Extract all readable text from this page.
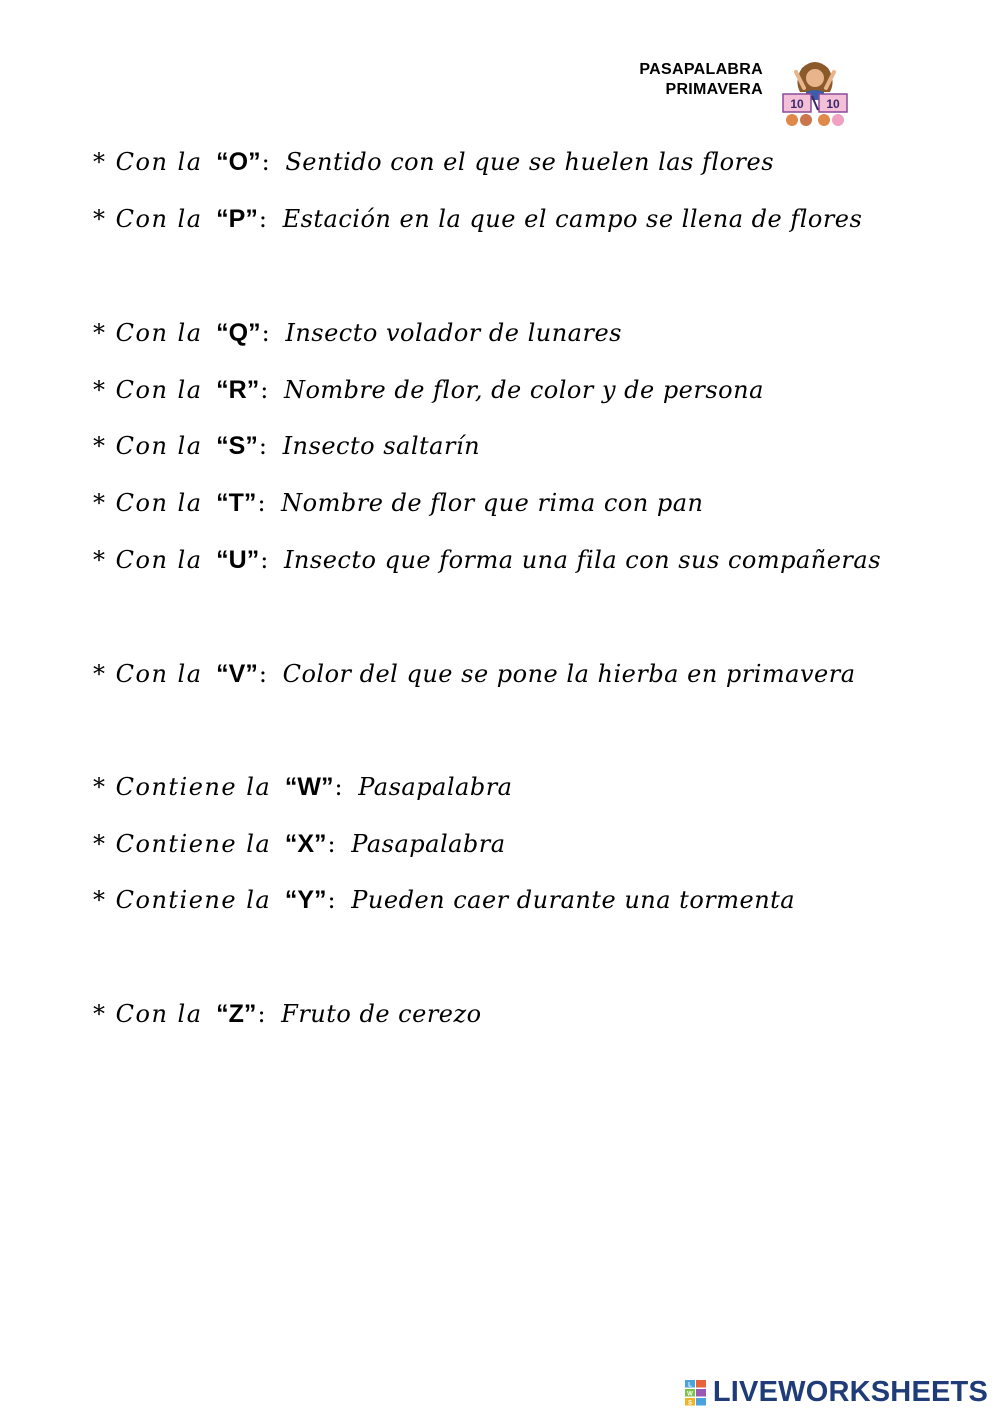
PASAPALABRA
PRIMAVERA
10 10
* Con la “O”: Sentido con el que se huelen las flores
* Con la “P”: Estación en la que el campo se llena de flores
* Con la “Q”: Insecto volador de lunares
* Con la “R”: Nombre de flor, de color y de persona
* Con la “S”: Insecto saltarín
* Con la “T”: Nombre de flor que rima con pan
* Con la “U”: Insecto que forma una fila con sus compañeras
* Con la “V”: Color del que se pone la hierba en primavera
* Contiene la “W”: Pasapalabra
* Contiene la “X”: Pasapalabra
* Contiene la “Y”: Pueden caer durante una tormenta
* Con la “Z”: Fruto de cerezo
L
W
S LIVEWORKSHEETS
